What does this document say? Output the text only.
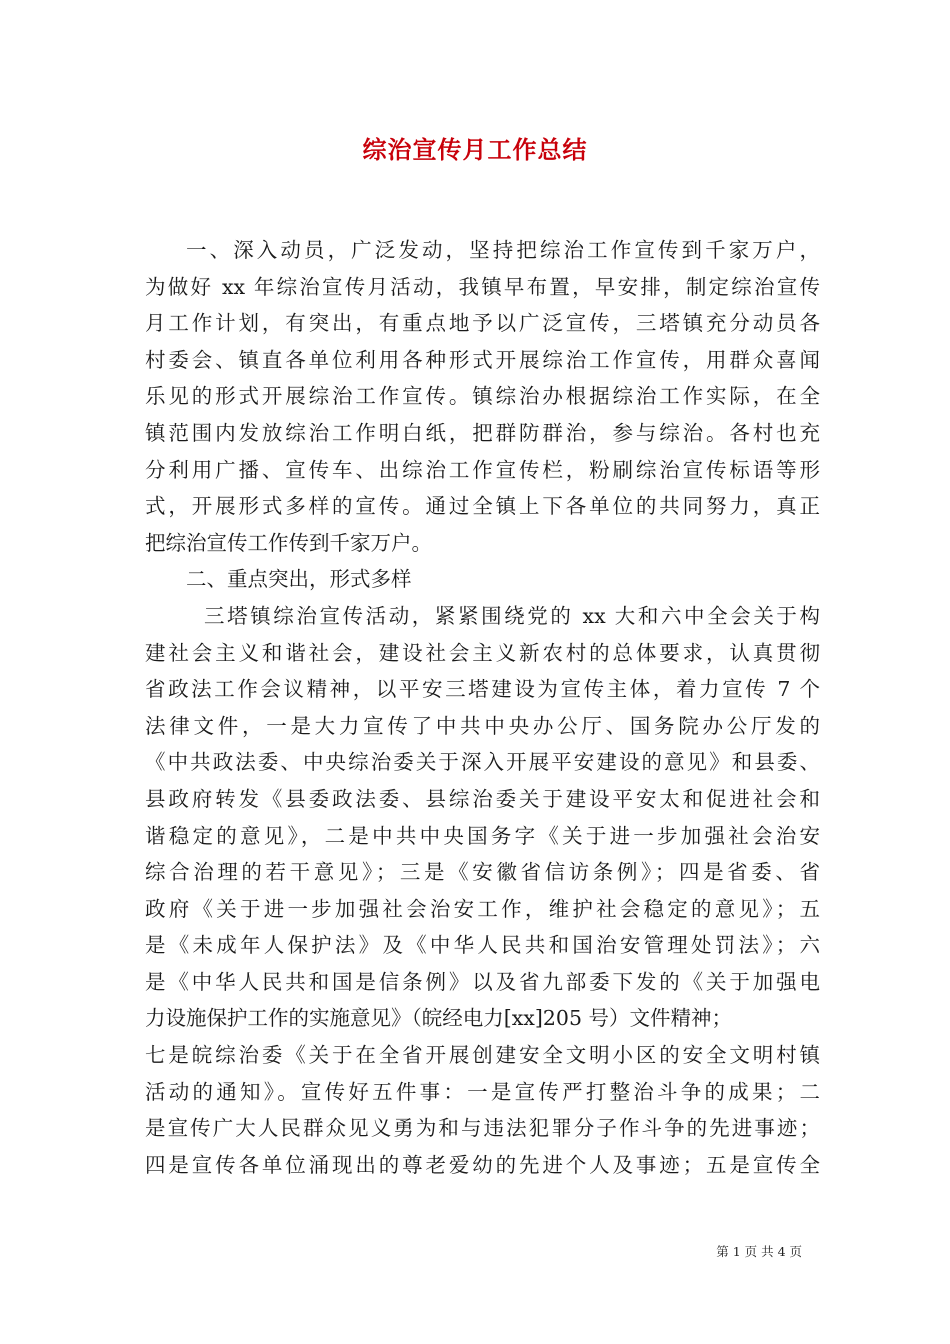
综治宣传月工作总结
一、深入动员，广泛发动，坚持把综治工作宣传到千家万户，
为做好 xx 年综治宣传月活动，我镇早布置，早安排，制定综治宣传
月工作计划，有突出，有重点地予以广泛宣传，三塔镇充分动员各
村委会、镇直各单位利用各种形式开展综治工作宣传，用群众喜闻
乐见的形式开展综治工作宣传。镇综治办根据综治工作实际，在全
镇范围内发放综治工作明白纸，把群防群治，参与综治。各村也充
分利用广播、宣传车、出综治工作宣传栏，粉刷综治宣传标语等形
式，开展形式多样的宣传。通过全镇上下各单位的共同努力，真正
把综治宣传工作传到千家万户。
二、重点突出，形式多样
三塔镇综治宣传活动，紧紧围绕党的 xx 大和六中全会关于构
建社会主义和谐社会，建设社会主义新农村的总体要求，认真贯彻
省政法工作会议精神，以平安三塔建设为宣传主体，着力宣传 7 个
法律文件，一是大力宣传了中共中央办公厅、国务院办公厅发的
《中共政法委、中央综治委关于深入开展平安建设的意见》和县委、
县政府转发《县委政法委、县综治委关于建设平安太和促进社会和
谐稳定的意见》，二是中共中央国务字《关于进一步加强社会治安
综合治理的若干意见》；三是《安徽省信访条例》；四是省委、省
政府《关于进一步加强社会治安工作，维护社会稳定的意见》；五
是《未成年人保护法》及《中华人民共和国治安管理处罚法》；六
是《中华人民共和国是信条例》以及省九部委下发的《关于加强电
力设施保护工作的实施意见》（皖经电力[xx]205 号）文件精神；
七是皖综治委《关于在全省开展创建安全文明小区的安全文明村镇
活动的通知》。宣传好五件事：一是宣传严打整治斗争的成果；二
是宣传广大人民群众见义勇为和与违法犯罪分子作斗争的先进事迹；
四是宣传各单位涌现出的尊老爱幼的先进个人及事迹；五是宣传全
第 1 页 共 4 页
